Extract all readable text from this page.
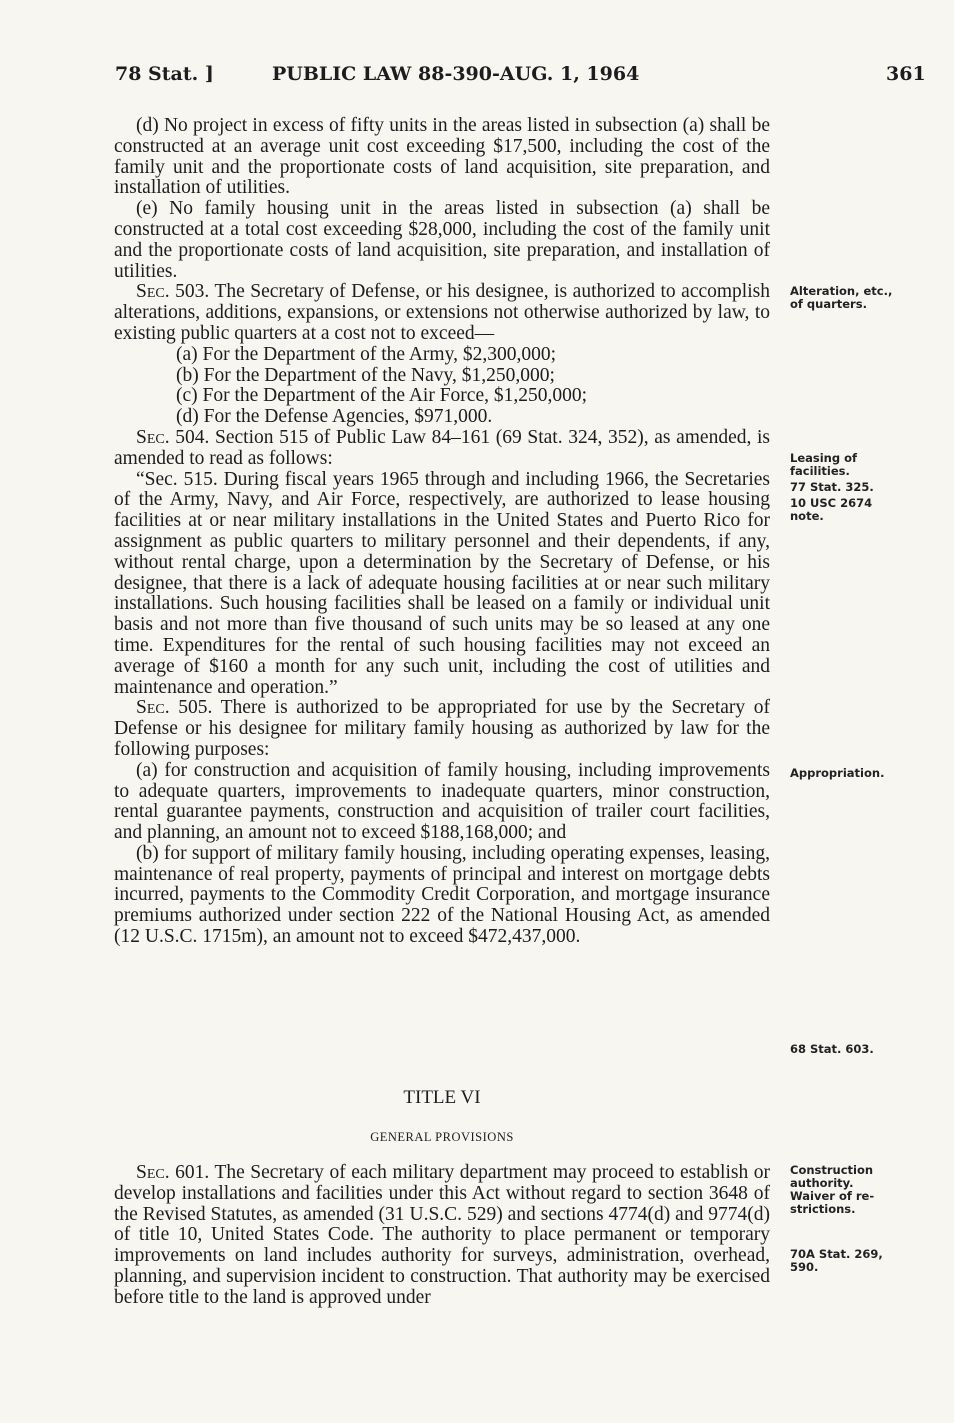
78 Stat. ]	PUBLIC LAW 88-390-AUG. 1, 1964	361

(d) No project in excess of fifty units in the areas listed in subsection (a) shall be constructed at an average unit cost exceeding $17,500, including the cost of the family unit and the proportionate costs of land acquisition, site preparation, and installation of utilities.

(e) No family housing unit in the areas listed in subsection (a) shall be constructed at a total cost exceeding $28,000, including the cost of the family unit and the proportionate costs of land acquisition, site preparation, and installation of utilities.

Sec. 503. The Secretary of Defense, or his designee, is authorized to accomplish alterations, additions, expansions, or extensions not otherwise authorized by law, to existing public quarters at a cost not to exceed—

(a) For the Department of the Army, $2,300,000;

(b) For the Department of the Navy, $1,250,000;

(c) For the Department of the Air Force, $1,250,000;

(d) For the Defense Agencies, $971,000.

Sec. 504. Section 515 of Public Law 84–161 (69 Stat. 324, 352), as amended, is amended to read as follows:

“Sec. 515. During fiscal years 1965 through and including 1966, the Secretaries of the Army, Navy, and Air Force, respectively, are authorized to lease housing facilities at or near military installations in the United States and Puerto Rico for assignment as public quarters to military personnel and their dependents, if any, without rental charge, upon a determination by the Secretary of Defense, or his designee, that there is a lack of adequate housing facilities at or near such military installations. Such housing facilities shall be leased on a family or individual unit basis and not more than five thousand of such units may be so leased at any one time. Expenditures for the rental of such housing facilities may not exceed an average of $160 a month for any such unit, including the cost of utilities and maintenance and operation.”

Sec. 505. There is authorized to be appropriated for use by the Secretary of Defense or his designee for military family housing as authorized by law for the following purposes:

(a) for construction and acquisition of family housing, including improvements to adequate quarters, improvements to inadequate quarters, minor construction, rental guarantee payments, construction and acquisition of trailer court facilities, and planning, an amount not to exceed $188,168,000; and

(b) for support of military family housing, including operating expenses, leasing, maintenance of real property, payments of principal and interest on mortgage debts incurred, payments to the Commodity Credit Corporation, and mortgage insurance premiums authorized under section 222 of the National Housing Act, as amended (12 U.S.C. 1715m), an amount not to exceed $472,437,000.

TITLE VI
GENERAL PROVISIONS

Sec. 601. The Secretary of each military department may proceed to establish or develop installations and facilities under this Act without regard to section 3648 of the Revised Statutes, as amended (31 U.S.C. 529) and sections 4774(d) and 9774(d) of title 10, United States Code. The authority to place permanent or temporary improvements on land includes authority for surveys, administration, overhead, planning, and supervision incident to construction. That authority may be exercised before title to the land is approved under

Alteration, etc.,
of quarters.
Leasing of
facilities.
77 Stat. 325.
10 USC 2674
note.
Appropriation.
68 Stat. 603.
Construction
authority.
Waiver of re-
strictions.
70A Stat. 269,
590.
